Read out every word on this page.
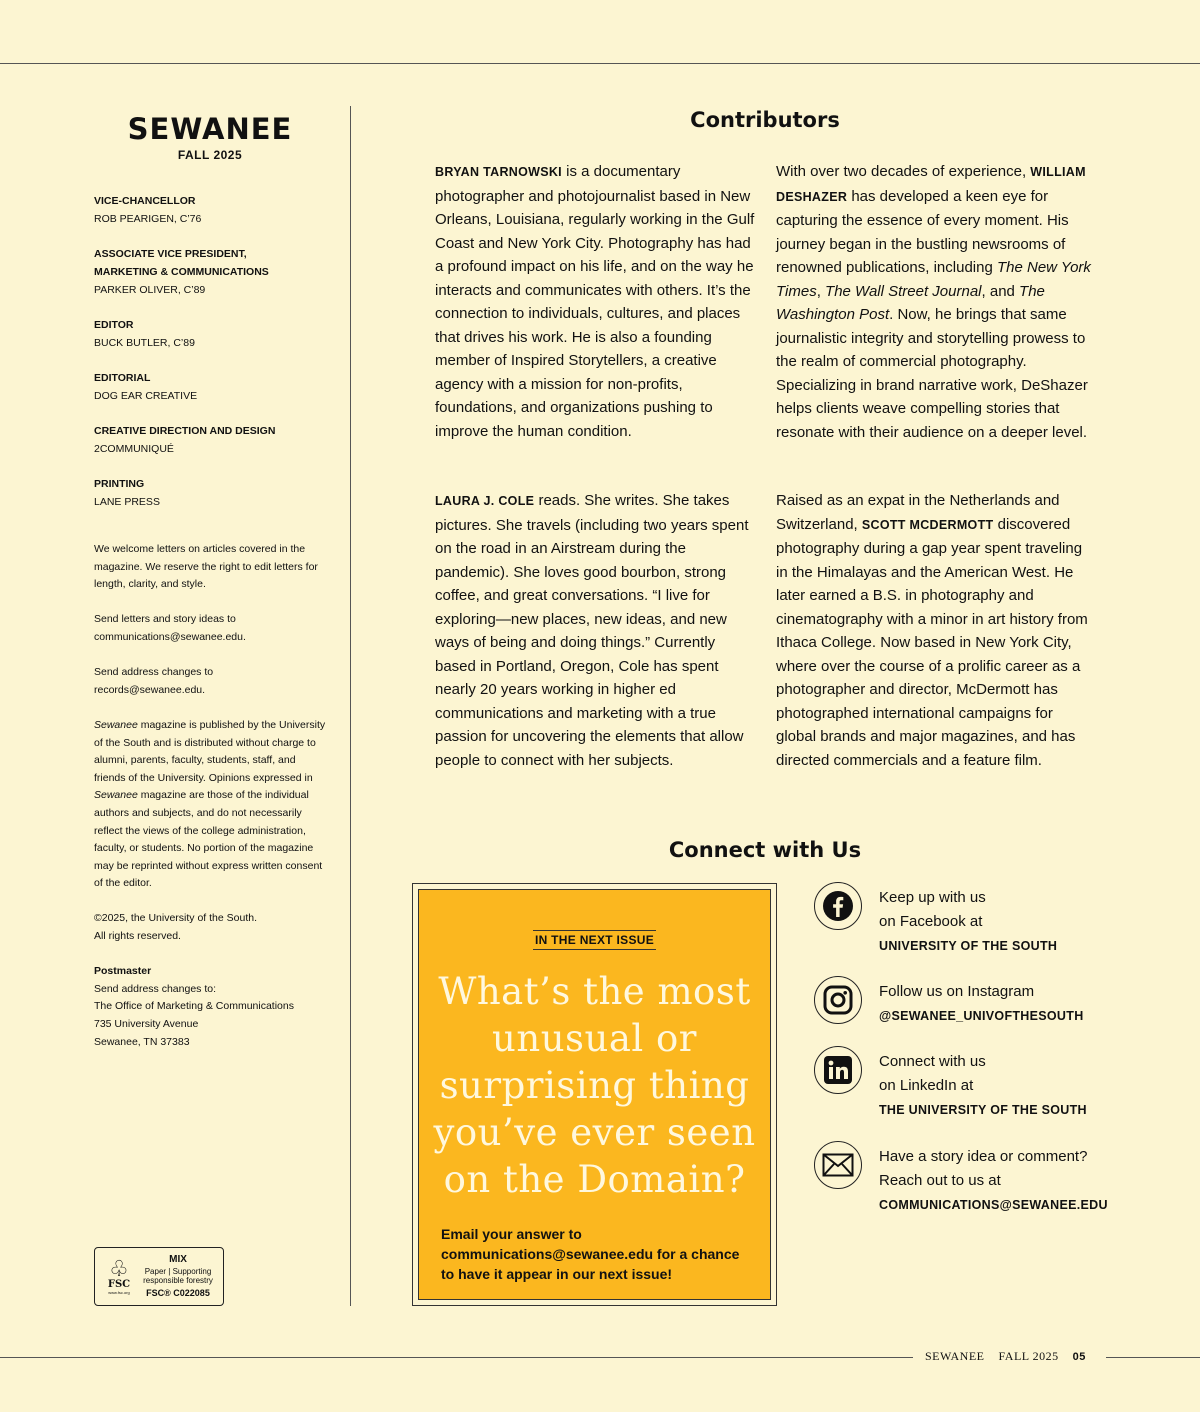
SEWANEE
FALL 2025
VICE-CHANCELLOR
ROB PEARIGEN, C’76
ASSOCIATE VICE PRESIDENT,
MARKETING & COMMUNICATIONS
PARKER OLIVER, C’89
EDITOR
BUCK BUTLER, C’89
EDITORIAL
DOG EAR CREATIVE
CREATIVE DIRECTION AND DESIGN
2COMMUNIQUÉ
PRINTING
LANE PRESS

We welcome letters on articles covered in the magazine. We reserve the right to edit letters for length, clarity, and style.

Send letters and story ideas to communications@sewanee.edu.

Send address changes to records@sewanee.edu.

Sewanee magazine is published by the University of the South and is distributed without charge to alumni, parents, faculty, students, staff, and friends of the University. Opinions expressed in Sewanee magazine are those of the individual authors and subjects, and do not necessarily reflect the views of the college administration, faculty, or students. No portion of the magazine may be reprinted without express written consent of the editor.

©2025, the University of the South.
All rights reserved.

Postmaster

Send address changes to:
The Office of Marketing & Communications
735 University Avenue
Sewanee, TN 37383

♧
FSC
www.fsc.org
MIX
Paper | Supporting
responsible forestry
FSC® C022085
Contributors

BRYAN TARNOWSKI is a documentary photographer and photojournalist based in New Orleans, Louisiana, regularly working in the Gulf Coast and New York City. Photography has had a profound impact on his life, and on the way he interacts and communicates with others. It’s the connection to individuals, cultures, and places that drives his work. He is also a founding member of Inspired Storytellers, a creative agency with a mission for non-profits, foundations, and organizations pushing to improve the human condition.

With over two decades of experience, WILLIAM DESHAZER has developed a keen eye for capturing the essence of every moment. His journey began in the bustling newsrooms of renowned publications, including The New York Times, The Wall Street Journal, and The Washington Post. Now, he brings that same journalistic integrity and storytelling prowess to the realm of commercial photography. Specializing in brand narrative work, DeShazer helps clients weave compelling stories that resonate with their audience on a deeper level.

LAURA J. COLE reads. She writes. She takes pictures. She travels (including two years spent on the road in an Airstream during the pandemic). She loves good bourbon, strong coffee, and great conversations. “I live for exploring—new places, new ideas, and new ways of being and doing things.” Currently based in Portland, Oregon, Cole has spent nearly 20 years working in higher ed communications and marketing with a true passion for uncovering the elements that allow people to connect with her subjects.

Raised as an expat in the Netherlands and Switzerland, SCOTT MCDERMOTT discovered photography during a gap year spent traveling in the Himalayas and the American West. He later earned a B.S. in photography and cinematography with a minor in art history from Ithaca College. Now based in New York City, where over the course of a prolific career as a photographer and director, McDermott has photographed international campaigns for global brands and major magazines, and has directed commercials and a feature film.

Connect with Us
IN THE NEXT ISSUE
What’s the most unusual or surprising thing you’ve ever seen on the Domain?
Email your answer to communications@sewanee.edu for a chance to have it appear in our next issue!
Keep up with us
on Facebook at
UNIVERSITY OF THE SOUTH
Follow us on Instagram
@SEWANEE_UNIVOFTHESOUTH
Connect with us
on LinkedIn at
THE UNIVERSITY OF THE SOUTH
Have a story idea or comment?
Reach out to us at
COMMUNICATIONS@SEWANEE.EDU
SEWANEE FALL 2025 05
